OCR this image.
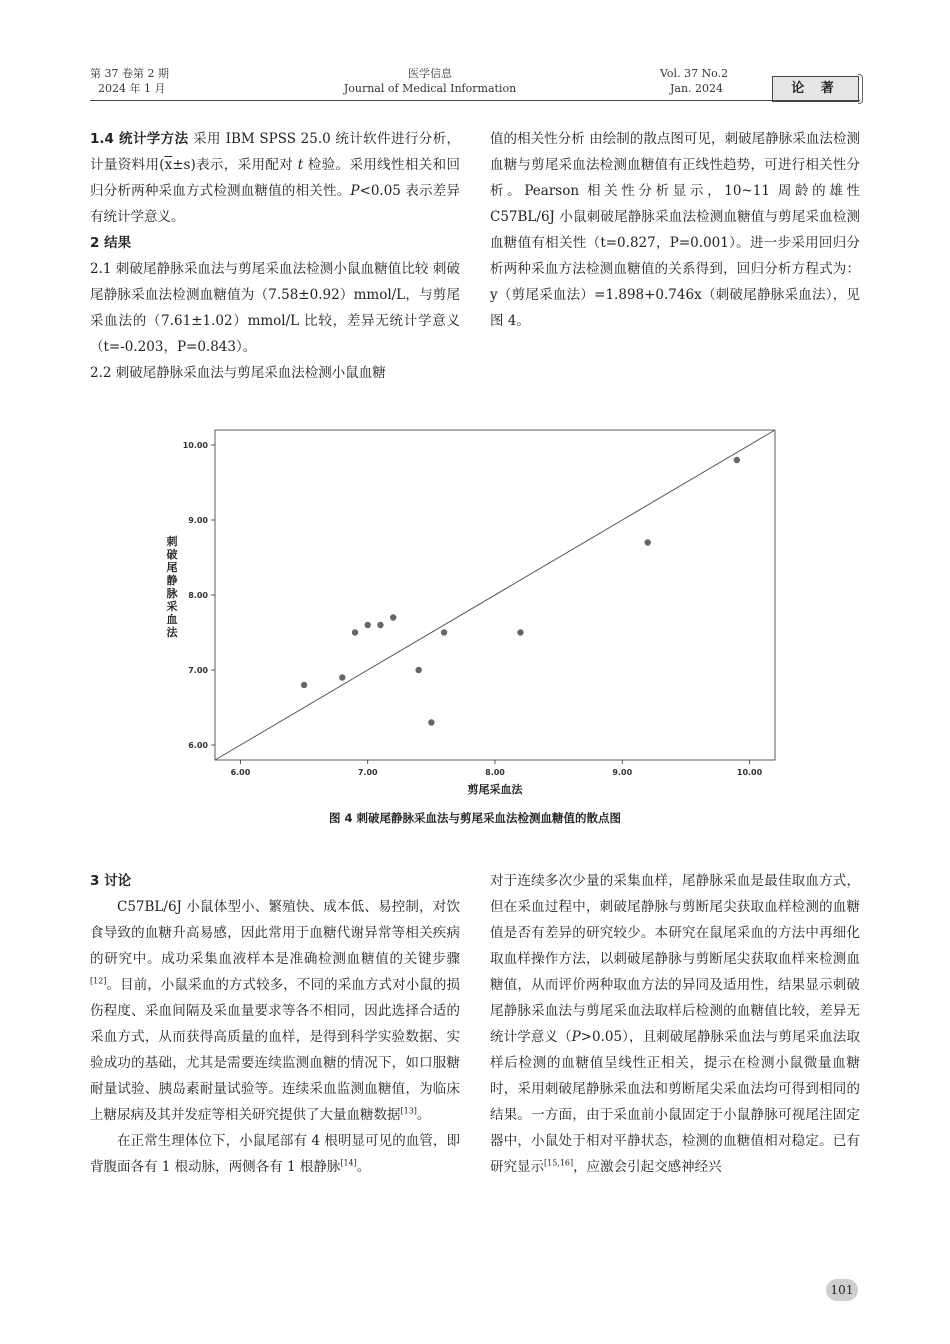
第 37 卷第 2 期
2024 年 1 月
医学信息
Journal of Medical Information
Vol. 37 No.2
Jan. 2024	论 著

1.4 统计学方法 采用 IBM SPSS 25.0 统计软件进行分析，计量资料用$(\overline{x}\pm s)$表示，采用配对 t 检验。采用线性相关和回归分析两种采血方式检测血糖值的相关性。P<0.05 表示差异有统计学意义。

2 结果

2.1 刺破尾静脉采血法与剪尾采血法检测小鼠血糖值比较 刺破尾静脉采血法检测血糖值为（7.58±0.92）mmol/L，与剪尾采血法的（7.61±1.02）mmol/L 比较，差异无统计学意义（t=-0.203，P=0.843）。

2.2 刺破尾静脉采血法与剪尾采血法检测小鼠血糖

值的相关性分析 由绘制的散点图可见，刺破尾静脉采血法检测血糖与剪尾采血法检测血糖值有正线性趋势，可进行相关性分析。Pearson 相关性分析显示，10~11 周龄的雄性 C57BL/6J 小鼠刺破尾静脉采血法检测血糖值与剪尾采血检测血糖值有相关性（t=0.827，P=0.001）。进一步采用回归分析两种采血方法检测血糖值的关系得到，回归分析方程式为：y（剪尾采血法）=1.898+0.746x（刺破尾静脉采血法），见图 4。

6.00	7.00	8.00	9.00	10.00
6.00
7.00
8.00
9.00
10.00
剪尾采血法
刺破尾静脉采血法
图 4 刺破尾静脉采血法与剪尾采血法检测血糖值的散点图

3 讨论

C57BL/6J 小鼠体型小、繁殖快、成本低、易控制，对饮食导致的血糖升高易感，因此常用于血糖代谢异常等相关疾病的研究中。成功采集血液样本是准确检测血糖值的关键步骤[12]。目前，小鼠采血的方式较多，不同的采血方式对小鼠的损伤程度、采血间隔及采血量要求等各不相同，因此选择合适的采血方式，从而获得高质量的血样，是得到科学实验数据、实验成功的基础，尤其是需要连续监测血糖的情况下，如口服糖耐量试验、胰岛素耐量试验等。连续采血监测血糖值，为临床上糖尿病及其并发症等相关研究提供了大量血糖数据[13]。

在正常生理体位下，小鼠尾部有 4 根明显可见的血管，即背腹面各有 1 根动脉，两侧各有 1 根静脉[14]。

对于连续多次少量的采集血样，尾静脉采血是最佳取血方式，但在采血过程中，刺破尾静脉与剪断尾尖获取血样检测的血糖值是否有差异的研究较少。本研究在鼠尾采血的方法中再细化取血样操作方法，以刺破尾静脉与剪断尾尖获取血样来检测血糖值，从而评价两种取血方法的异同及适用性，结果显示刺破尾静脉采血法与剪尾采血法取样后检测的血糖值比较，差异无统计学意义（P>0.05），且刺破尾静脉采血法与剪尾采血法取样后检测的血糖值呈线性正相关，提示在检测小鼠微量血糖时，采用刺破尾静脉采血法和剪断尾尖采血法均可得到相同的结果。一方面，由于采血前小鼠固定于小鼠静脉可视尾注固定器中，小鼠处于相对平静状态，检测的血糖值相对稳定。已有研究显示[15,16]，应激会引起交感神经兴

101
